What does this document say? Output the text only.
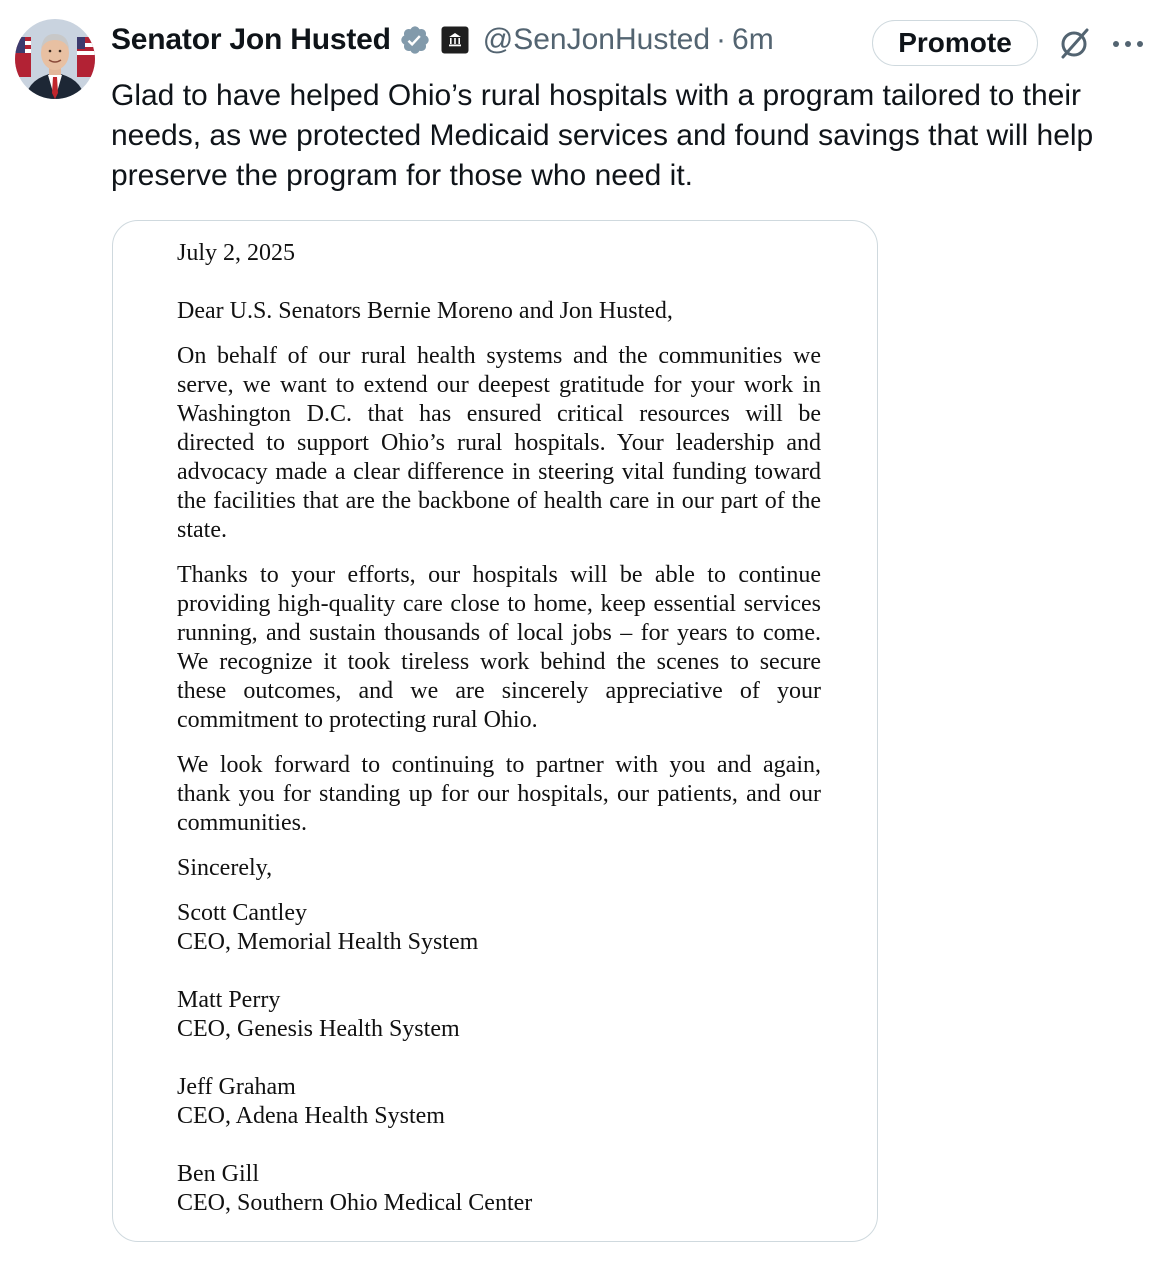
Senator Jon Husted	@SenJonHusted · 6m	Promote

Glad to have helped Ohio’s rural hospitals with a program tailored to their needs, as we protected Medicaid services and found savings that will help preserve the program for those who need it.

July 2, 2025

Dear U.S. Senators Bernie Moreno and Jon Husted,

On behalf of our rural health systems and the communities we serve, we want to extend our deepest gratitude for your work in Washington D.C. that has ensured critical resources will be directed to support Ohio’s rural hospitals. Your leadership and advocacy made a clear difference in steering vital funding toward the facilities that are the backbone of health care in our part of the state.

Thanks to your efforts, our hospitals will be able to continue providing high-quality care close to home, keep essential services running, and sustain thousands of local jobs – for years to come. We recognize it took tireless work behind the scenes to secure these outcomes, and we are sincerely appreciative of your commitment to protecting rural Ohio.

We look forward to continuing to partner with you and again, thank you for standing up for our hospitals, our patients, and our communities.

Sincerely,

Scott Cantley
CEO, Memorial Health System
Matt Perry
CEO, Genesis Health System
Jeff Graham
CEO, Adena Health System
Ben Gill
CEO, Southern Ohio Medical Center
